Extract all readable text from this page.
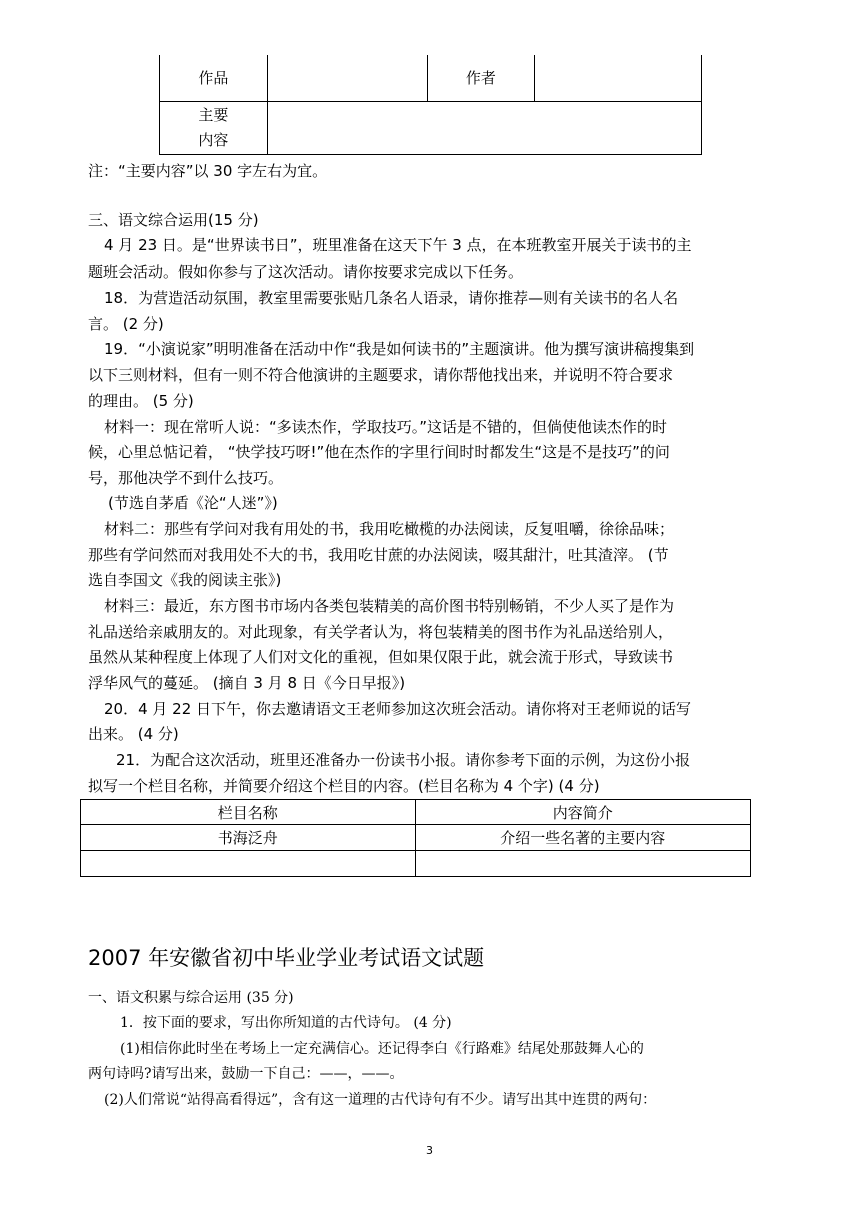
作品		作者	

主要
内容			

注：“主要内容”以 30 字左右为宜。
三、语文综合运用(15 分)
4 月 23 日。是“世界读书日”，班里准备在这天下午 3 点，在本班教室开展关于读书的主
题班会活动。假如你参与了这次活动。请你按要求完成以下任务。
18．为营造活动氛围，教室里需要张贴几条名人语录，请你推荐—则有关读书的名人名
言。 (2 分)
19．“小演说家”明明准备在活动中作“我是如何读书的”主题演讲。他为撰写演讲稿搜集到
以下三则材料，但有一则不符合他演讲的主题要求，请你帮他找出来，并说明不符合要求
的理由。 (5 分)
材料一：现在常听人说：“多读杰作，学取技巧。”这话是不错的，但倘使他读杰作的时
候，心里总惦记着， “快学技巧呀!”他在杰作的字里行间时时都发生“这是不是技巧”的问
号，那他决学不到什么技巧。
(节选自茅盾《沦“人迷”》)
材料二：那些有学问对我有用处的书，我用吃橄榄的办法阅读，反复咀嚼，徐徐品味；
那些有学问然而对我用处不大的书，我用吃甘蔗的办法阅读，啜其甜汁，吐其渣滓。 (节
选自李国文《我的阅读主张》)
材料三：最近，东方图书市场内各类包装精美的高价图书特别畅销，不少人买了是作为
礼品送给亲戚朋友的。对此现象，有关学者认为，将包装精美的图书作为礼品送给别人，
虽然从某种程度上体现了人们对文化的重视，但如果仅限于此，就会流于形式，导致读书
浮华风气的蔓延。 (摘自 3 月 8 日《今日早报》)
20．4 月 22 日下午，你去邀请语文王老师参加这次班会活动。请你将对王老师说的话写
出来。 (4 分)
21．为配合这次活动，班里还准备办一份读书小报。请你参考下面的示例，为这份小报
拟写一个栏目名称，并简要介绍这个栏目的内容。(栏目名称为 4 个字) (4 分)
栏目名称	内容简介
书海泛舟	介绍一些名著的主要内容

2007 年安徽省初中毕业学业考试语文试题
一、语文积累与综合运用 (35 分)
1．按下面的要求，写出你所知道的古代诗句。 (4 分)
(1)相信你此时坐在考场上一定充满信心。还记得李白《行路难》结尾处那鼓舞人心的
两句诗吗?请写出来，鼓励一下自己：——，——。
(2)人们常说“站得高看得远”，含有这一道理的古代诗句有不少。请写出其中连贯的两句：
3
